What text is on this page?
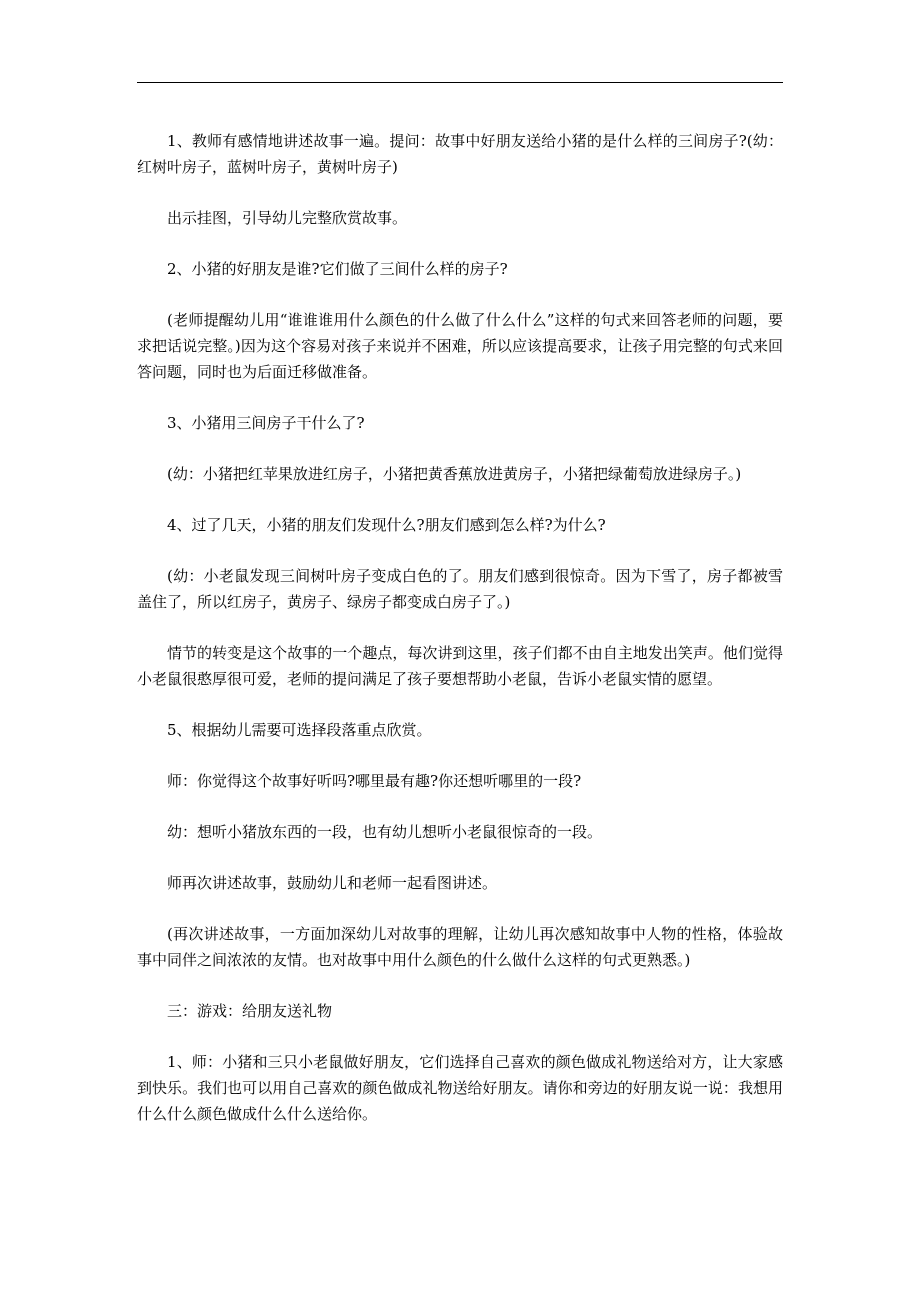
1、教师有感情地讲述故事一遍。提问：故事中好朋友送给小猪的是什么样的三间房子?(幼：红树叶房子，蓝树叶房子，黄树叶房子)

出示挂图，引导幼儿完整欣赏故事。

2、小猪的好朋友是谁?它们做了三间什么样的房子?

(老师提醒幼儿用“谁谁谁用什么颜色的什么做了什么什么”这样的句式来回答老师的问题，要求把话说完整。)因为这个容易对孩子来说并不困难，所以应该提高要求，让孩子用完整的句式来回答问题，同时也为后面迁移做准备。

3、小猪用三间房子干什么了?

(幼：小猪把红苹果放进红房子，小猪把黄香蕉放进黄房子，小猪把绿葡萄放进绿房子。)

4、过了几天，小猪的朋友们发现什么?朋友们感到怎么样?为什么?

(幼：小老鼠发现三间树叶房子变成白色的了。朋友们感到很惊奇。因为下雪了，房子都被雪盖住了，所以红房子，黄房子、绿房子都变成白房子了。)

情节的转变是这个故事的一个趣点，每次讲到这里，孩子们都不由自主地发出笑声。他们觉得小老鼠很憨厚很可爱，老师的提问满足了孩子要想帮助小老鼠，告诉小老鼠实情的愿望。

5、根据幼儿需要可选择段落重点欣赏。

师：你觉得这个故事好听吗?哪里最有趣?你还想听哪里的一段?

幼：想听小猪放东西的一段，也有幼儿想听小老鼠很惊奇的一段。

师再次讲述故事，鼓励幼儿和老师一起看图讲述。

(再次讲述故事，一方面加深幼儿对故事的理解，让幼儿再次感知故事中人物的性格，体验故事中同伴之间浓浓的友情。也对故事中用什么颜色的什么做什么这样的句式更熟悉。)

三：游戏：给朋友送礼物

1、师：小猪和三只小老鼠做好朋友，它们选择自己喜欢的颜色做成礼物送给对方，让大家感到快乐。我们也可以用自己喜欢的颜色做成礼物送给好朋友。请你和旁边的好朋友说一说：我想用什么什么颜色做成什么什么送给你。
